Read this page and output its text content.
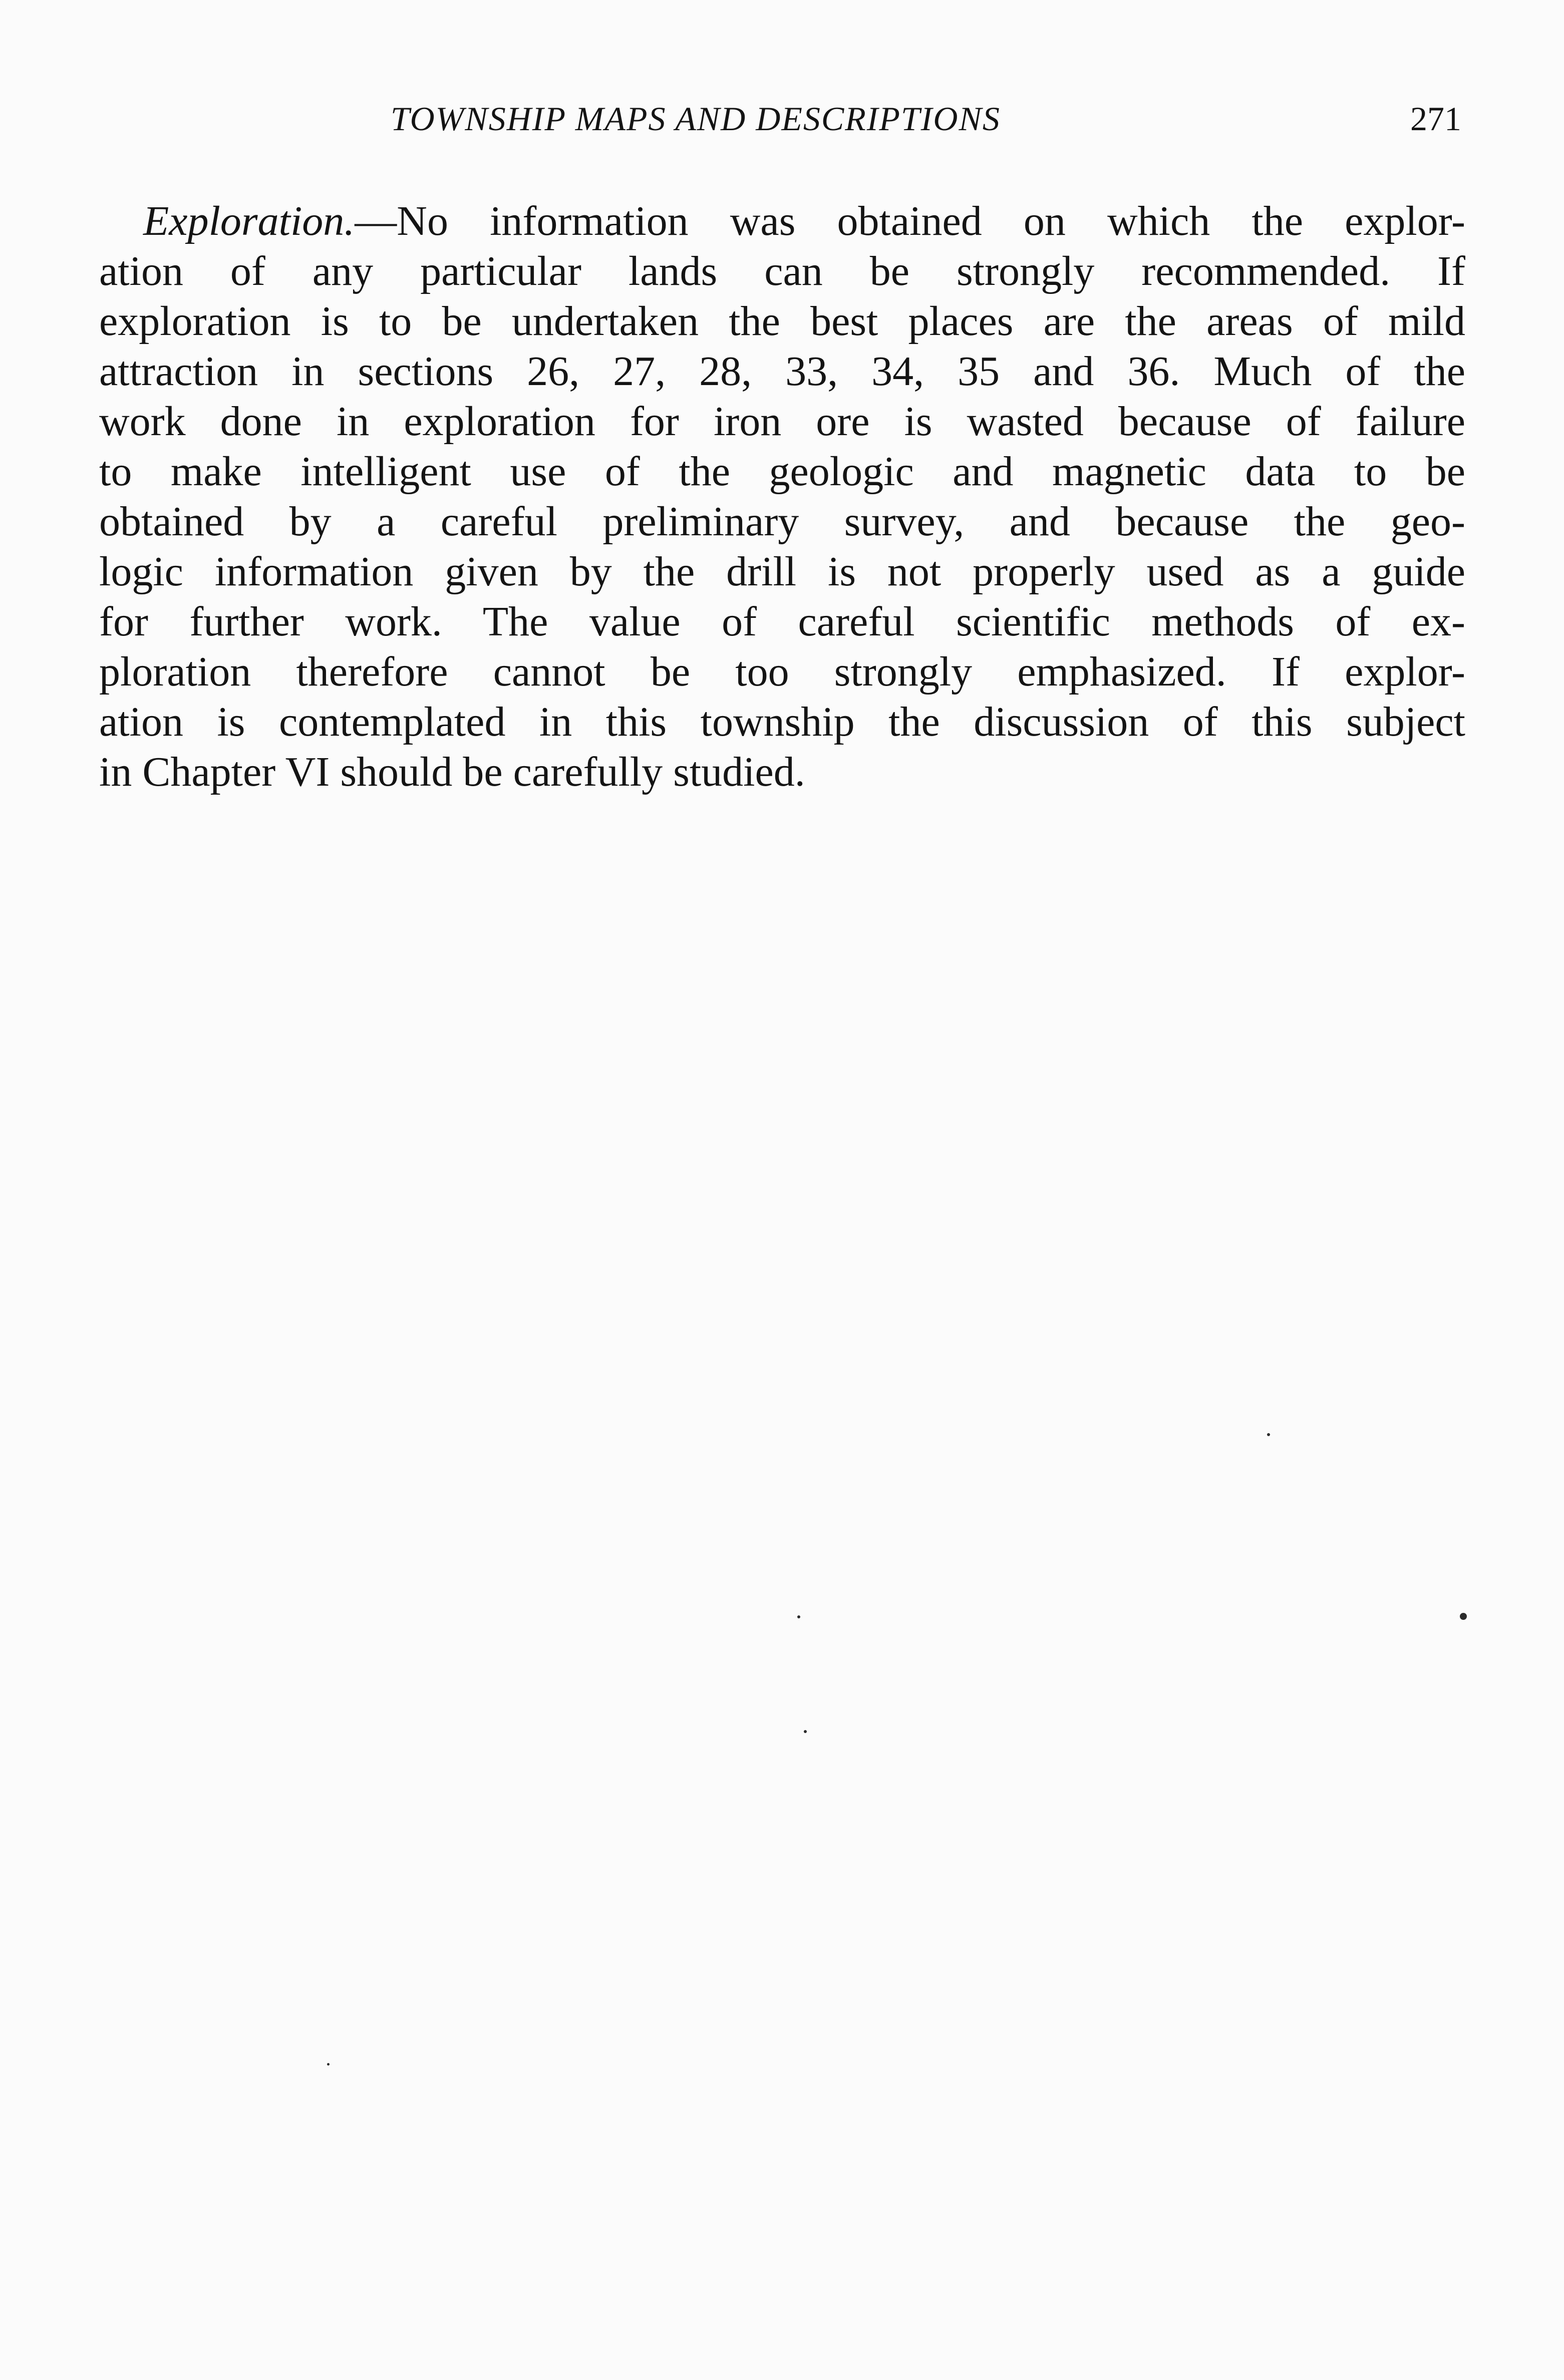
TOWNSHIP MAPS AND DESCRIPTIONS	271
Exploration.—No information was obtained on which the explor-
ation of any particular lands can be strongly recommended. If
exploration is to be undertaken the best places are the areas of mild
attraction in sections 26, 27, 28, 33, 34, 35 and 36. Much of the
work done in exploration for iron ore is wasted because of failure
to make intelligent use of the geologic and magnetic data to be
obtained by a careful preliminary survey, and because the geo-
logic information given by the drill is not properly used as a guide
for further work. The value of careful scientific methods of ex-
ploration therefore cannot be too strongly emphasized. If explor-
ation is contemplated in this township the discussion of this subject
in Chapter VI should be carefully studied.
